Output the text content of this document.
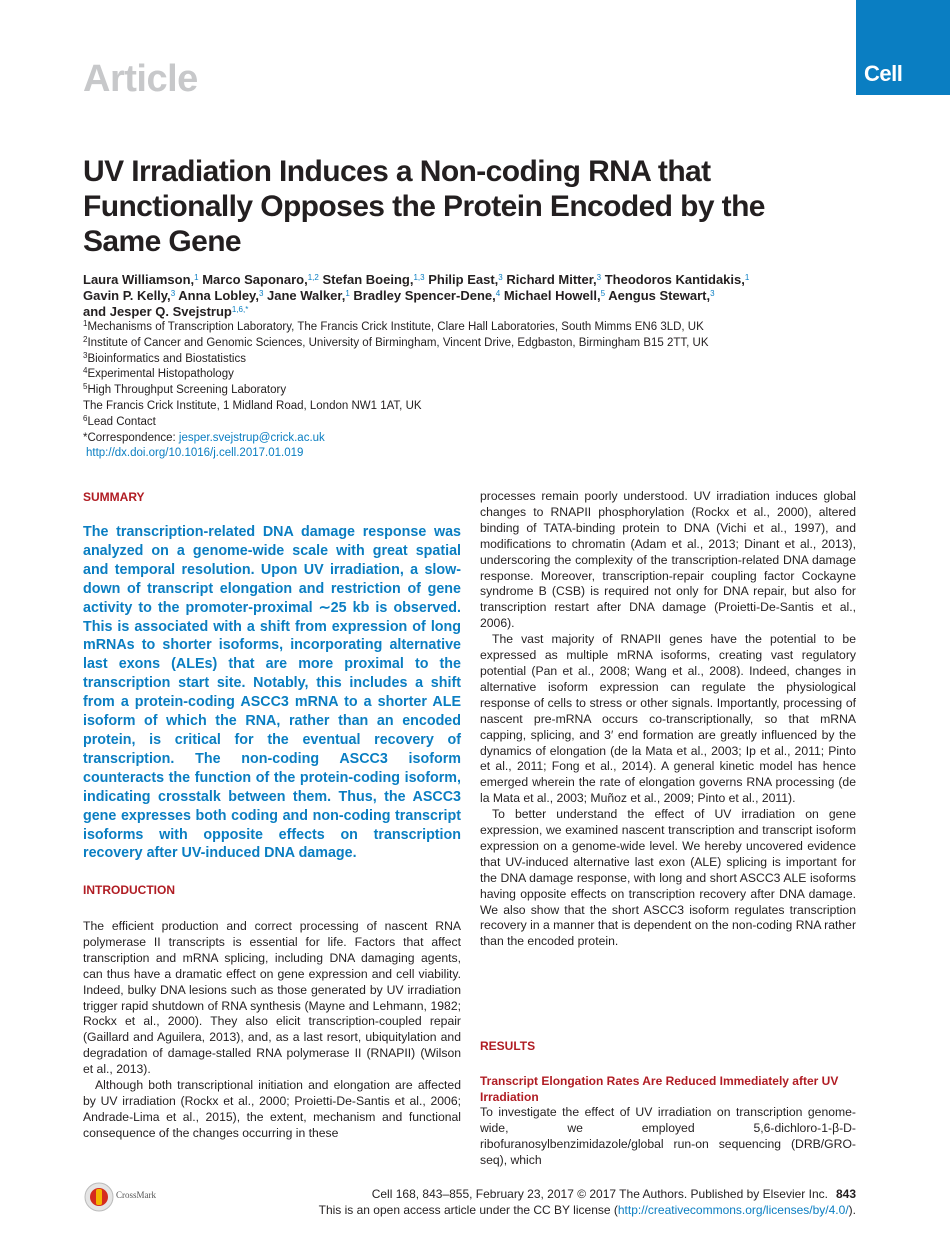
Article	Cell
UV Irradiation Induces a Non-coding RNA that Functionally Opposes the Protein Encoded by the Same Gene
Laura Williamson,$^1$ Marco Saponaro,$^{1,2}$ Stefan Boeing,$^{1,3}$ Philip East,$^3$ Richard Mitter,$^3$ Theodoros Kantidakis,$^1$
Gavin P. Kelly,$^3$ Anna Lobley,$^3$ Jane Walker,$^1$ Bradley Spencer-Dene,$^4$ Michael Howell,$^5$ Aengus Stewart,$^3$
and Jesper Q. Svejstrup$^{1,6,*}$
$^1$Mechanisms of Transcription Laboratory, The Francis Crick Institute, Clare Hall Laboratories, South Mimms EN6 3LD, UK
$^2$Institute of Cancer and Genomic Sciences, University of Birmingham, Vincent Drive, Edgbaston, Birmingham B15 2TT, UK
$^3$Bioinformatics and Biostatistics
$^4$Experimental Histopathology
$^5$High Throughput Screening Laboratory
The Francis Crick Institute, 1 Midland Road, London NW1 1AT, UK
$^6$Lead Contact
*Correspondence: jesper.svejstrup@crick.ac.uk
http://dx.doi.org/10.1016/j.cell.2017.01.019
SUMMARY
The transcription-related DNA damage response was analyzed on a genome-wide scale with great spatial and temporal resolution. Upon UV irradiation, a slow-down of transcript elongation and restriction of gene activity to the promoter-proximal ∼25 kb is observed. This is associated with a shift from expression of long mRNAs to shorter isoforms, incorporating alternative last exons (ALEs) that are more proximal to the transcription start site. Notably, this includes a shift from a protein-coding ASCC3 mRNA to a shorter ALE isoform of which the RNA, rather than an encoded protein, is critical for the eventual recovery of transcription. The non-coding ASCC3 isoform counteracts the function of the protein-coding isoform, indicating crosstalk between them. Thus, the ASCC3 gene expresses both coding and non-coding transcript isoforms with opposite effects on transcription recovery after UV-induced DNA damage.
INTRODUCTION

The efficient production and correct processing of nascent RNA polymerase II transcripts is essential for life. Factors that affect transcription and mRNA splicing, including DNA damaging agents, can thus have a dramatic effect on gene expression and cell viability. Indeed, bulky DNA lesions such as those generated by UV irradiation trigger rapid shutdown of RNA synthesis (Mayne and Lehmann, 1982; Rockx et al., 2000). They also elicit transcription-coupled repair (Gaillard and Aguilera, 2013), and, as a last resort, ubiquitylation and degradation of damage-stalled RNA polymerase II (RNAPII) (Wilson et al., 2013).

Although both transcriptional initiation and elongation are affected by UV irradiation (Rockx et al., 2000; Proietti-De-Santis et al., 2006; Andrade-Lima et al., 2015), the extent, mechanism and functional consequence of the changes occurring in these

processes remain poorly understood. UV irradiation induces global changes to RNAPII phosphorylation (Rockx et al., 2000), altered binding of TATA-binding protein to DNA (Vichi et al., 1997), and modifications to chromatin (Adam et al., 2013; Dinant et al., 2013), underscoring the complexity of the transcription-related DNA damage response. Moreover, transcription-repair coupling factor Cockayne syndrome B (CSB) is required not only for DNA repair, but also for transcription restart after DNA damage (Proietti-De-Santis et al., 2006).

The vast majority of RNAPII genes have the potential to be expressed as multiple mRNA isoforms, creating vast regulatory potential (Pan et al., 2008; Wang et al., 2008). Indeed, changes in alternative isoform expression can regulate the physiological response of cells to stress or other signals. Importantly, processing of nascent pre-mRNA occurs co-transcriptionally, so that mRNA capping, splicing, and 3′ end formation are greatly influenced by the dynamics of elongation (de la Mata et al., 2003; Ip et al., 2011; Pinto et al., 2011; Fong et al., 2014). A general kinetic model has hence emerged wherein the rate of elongation governs RNA processing (de la Mata et al., 2003; Muñoz et al., 2009; Pinto et al., 2011).

To better understand the effect of UV irradiation on gene expression, we examined nascent transcription and transcript isoform expression on a genome-wide level. We hereby uncovered evidence that UV-induced alternative last exon (ALE) splicing is important for the DNA damage response, with long and short ASCC3 ALE isoforms having opposite effects on transcription recovery after DNA damage. We also show that the short ASCC3 isoform regulates transcription recovery in a manner that is dependent on the non-coding RNA rather than the encoded protein.

RESULTS
Transcript Elongation Rates Are Reduced Immediately after UV Irradiation

To investigate the effect of UV irradiation on transcription genome-wide, we employed 5,6-dichloro-1-β-D-ribofuranosylbenzimidazole/global run-on sequencing (DRB/GRO-seq), which

CrossMark	Cell 168, 843–855, February 23, 2017 © 2017 The Authors. Published by Elsevier Inc. 843
This is an open access article under the CC BY license (http://creativecommons.org/licenses/by/4.0/).
